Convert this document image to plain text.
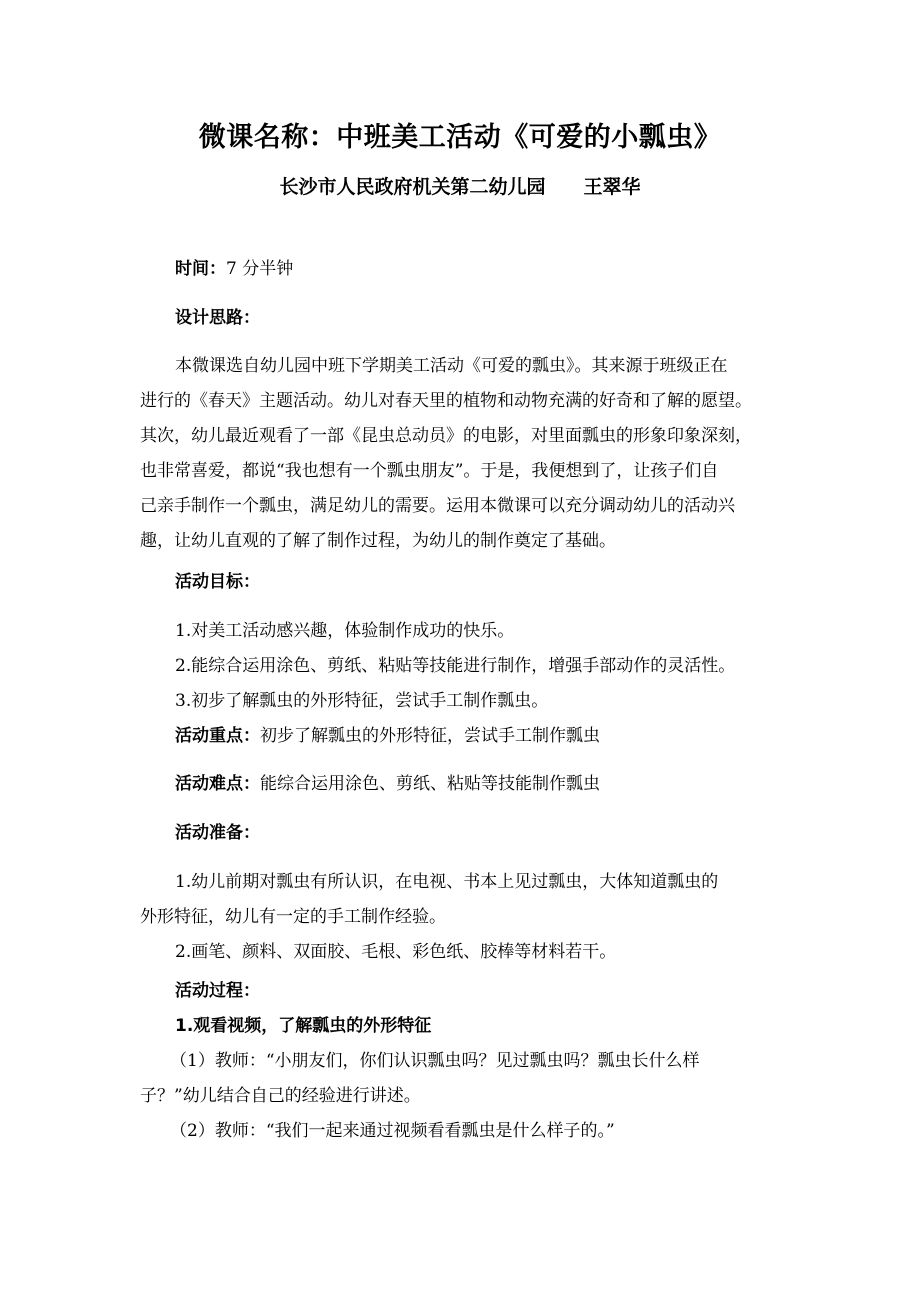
微课名称：中班美工活动《可爱的小瓢虫》
长沙市人民政府机关第二幼儿园 王翠华
时间：7 分半钟
设计思路：
本微课选自幼儿园中班下学期美工活动《可爱的瓢虫》。其来源于班级正在
进行的《春天》主题活动。幼儿对春天里的植物和动物充满的好奇和了解的愿望。
其次，幼儿最近观看了一部《昆虫总动员》的电影，对里面瓢虫的形象印象深刻，
也非常喜爱，都说“我也想有一个瓢虫朋友”。于是，我便想到了，让孩子们自
己亲手制作一个瓢虫，满足幼儿的需要。运用本微课可以充分调动幼儿的活动兴
趣，让幼儿直观的了解了制作过程，为幼儿的制作奠定了基础。
活动目标：
1.对美工活动感兴趣，体验制作成功的快乐。
2.能综合运用涂色、剪纸、粘贴等技能进行制作，增强手部动作的灵活性。
3.初步了解瓢虫的外形特征，尝试手工制作瓢虫。
活动重点：初步了解瓢虫的外形特征，尝试手工制作瓢虫
活动难点：能综合运用涂色、剪纸、粘贴等技能制作瓢虫
活动准备：
1.幼儿前期对瓢虫有所认识，在电视、书本上见过瓢虫，大体知道瓢虫的
外形特征，幼儿有一定的手工制作经验。
2.画笔、颜料、双面胶、毛根、彩色纸、胶棒等材料若干。
活动过程：
1.观看视频，了解瓢虫的外形特征
（1）教师：“小朋友们，你们认识瓢虫吗？见过瓢虫吗？瓢虫长什么样
子？”幼儿结合自己的经验进行讲述。
（2）教师：“我们一起来通过视频看看瓢虫是什么样子的。”
